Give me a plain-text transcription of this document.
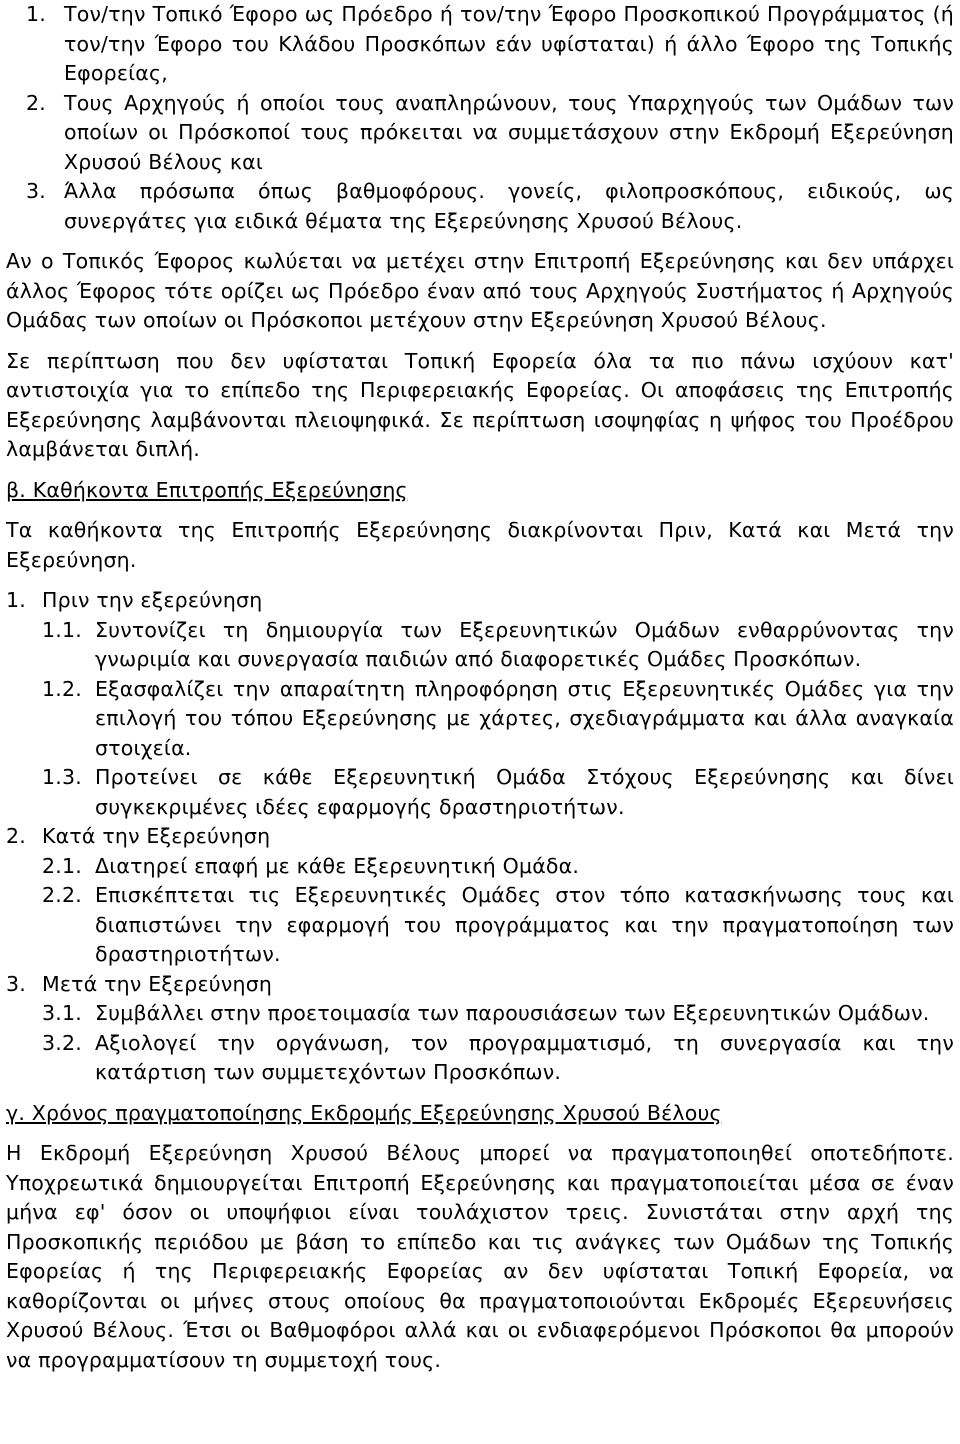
1. Τον/την Τοπικό Έφορο ως Πρόεδρο ή τον/την Έφορο Προσκοπικού Προγράμματος (ή τον/την Έφορο του Κλάδου Προσκόπων εάν υφίσταται) ή άλλο Έφορο της Τοπικής Εφορείας,
2. Τους Αρχηγούς ή οποίοι τους αναπληρώνουν, τους Υπαρχηγούς των Ομάδων των οποίων οι Πρόσκοποί τους πρόκειται να συμμετάσχουν στην Εκδρομή Εξερεύνηση Χρυσού Βέλους και
3. Άλλα πρόσωπα όπως βαθμοφόρους. γονείς, φιλοπροσκόπους, ειδικούς, ως συνεργάτες για ειδικά θέματα της Εξερεύνησης Χρυσού Βέλους.

Αν ο Τοπικός Έφορος κωλύεται να μετέχει στην Επιτροπή Εξερεύνησης και δεν υπάρχει άλλος Έφορος τότε ορίζει ως Πρόεδρο έναν από τους Αρχηγούς Συστήματος ή Αρχηγούς Ομάδας των οποίων οι Πρόσκοποι μετέχουν στην Εξερεύνηση Χρυσού Βέλους.

Σε περίπτωση που δεν υφίσταται Τοπική Εφορεία όλα τα πιο πάνω ισχύουν κατ' αντιστοιχία για το επίπεδο της Περιφερειακής Εφορείας. Οι αποφάσεις της Επιτροπής Εξερεύνησης λαμβάνονται πλειοψηφικά. Σε περίπτωση ισοψηφίας η ψήφος του Προέδρου λαμβάνεται διπλή.

β. Καθήκοντα Επιτροπής Εξερεύνησης

Τα καθήκοντα της Επιτροπής Εξερεύνησης διακρίνονται Πριν, Κατά και Μετά την Εξερεύνηση.

1. Πριν την εξερεύνηση
1.1. Συντονίζει τη δημιουργία των Εξερευνητικών Ομάδων ενθαρρύνοντας την γνωριμία και συνεργασία παιδιών από διαφορετικές Ομάδες Προσκόπων.
1.2. Εξασφαλίζει την απαραίτητη πληροφόρηση στις Εξερευνητικές Ομάδες για την επιλογή του τόπου Εξερεύνησης με χάρτες, σχεδιαγράμματα και άλλα αναγκαία στοιχεία.
1.3. Προτείνει σε κάθε Εξερευνητική Ομάδα Στόχους Εξερεύνησης και δίνει συγκεκριμένες ιδέες εφαρμογής δραστηριοτήτων.
2. Κατά την Εξερεύνηση
2.1. Διατηρεί επαφή με κάθε Εξερευνητική Ομάδα.
2.2. Επισκέπτεται τις Εξερευνητικές Ομάδες στον τόπο κατασκήνωσης τους και διαπιστώνει την εφαρμογή του προγράμματος και την πραγματοποίηση των δραστηριοτήτων.
3. Μετά την Εξερεύνηση
3.1. Συμβάλλει στην προετοιμασία των παρουσιάσεων των Εξερευνητικών Ομάδων.
3.2. Αξιολογεί την οργάνωση, τον προγραμματισμό, τη συνεργασία και την κατάρτιση των συμμετεχόντων Προσκόπων.

γ. Χρόνος πραγματοποίησης Εκδρομής Εξερεύνησης Χρυσού Βέλους

Η Εκδρομή Εξερεύνηση Χρυσού Βέλους μπορεί να πραγματοποιηθεί οποτεδήποτε. Υποχρεωτικά δημιουργείται Επιτροπή Εξερεύνησης και πραγματοποιείται μέσα σε έναν μήνα εφ' όσον οι υποψήφιοι είναι τουλάχιστον τρεις. Συνιστάται στην αρχή της Προσκοπικής περιόδου με βάση το επίπεδο και τις ανάγκες των Ομάδων της Τοπικής Εφορείας ή της Περιφερειακής Εφορείας αν δεν υφίσταται Τοπική Εφορεία, να καθορίζονται οι μήνες στους οποίους θα πραγματοποιούνται Εκδρομές Εξερευνήσεις Χρυσού Βέλους. Έτσι οι Βαθμοφόροι αλλά και οι ενδιαφερόμενοι Πρόσκοποι θα μπορούν να προγραμματίσουν τη συμμετοχή τους.
